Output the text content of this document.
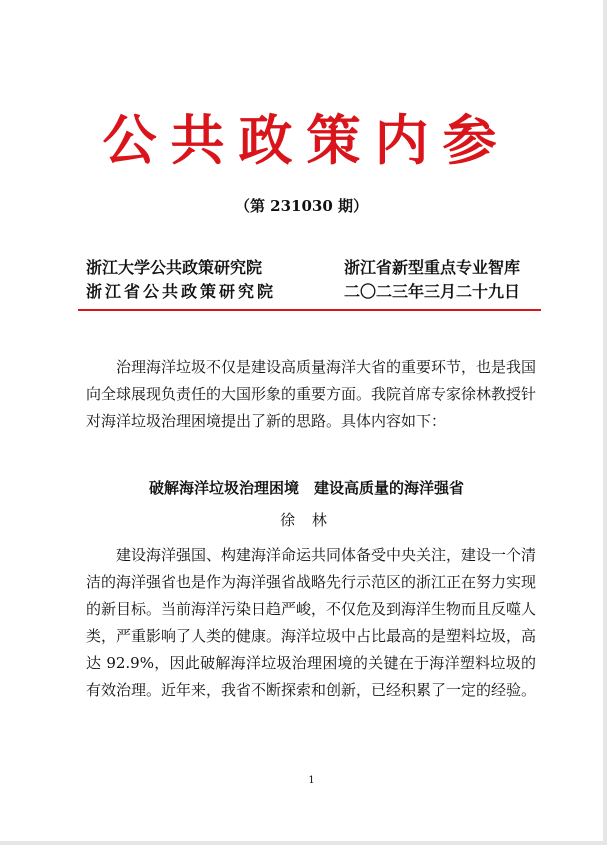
公共政策内参
（第 231030 期）
浙江大学公共政策研究院
浙江省公共政策研究院
浙江省新型重点专业智库
二〇二三年三月二十九日

治理海洋垃圾不仅是建设高质量海洋大省的重要环节，也是我国向全球展现负责任的大国形象的重要方面。我院首席专家徐林教授针对海洋垃圾治理困境提出了新的思路。具体内容如下：

破解海洋垃圾治理困境　建设高质量的海洋强省
徐 林

建设海洋强国、构建海洋命运共同体备受中央关注，建设一个清洁的海洋强省也是作为海洋强省战略先行示范区的浙江正在努力实现的新目标。当前海洋污染日趋严峻，不仅危及到海洋生物而且反噬人类，严重影响了人类的健康。海洋垃圾中占比最高的是塑料垃圾，高达 92.9%，因此破解海洋垃圾治理困境的关键在于海洋塑料垃圾的有效治理。近年来，我省不断探索和创新，已经积累了一定的经验。

1
